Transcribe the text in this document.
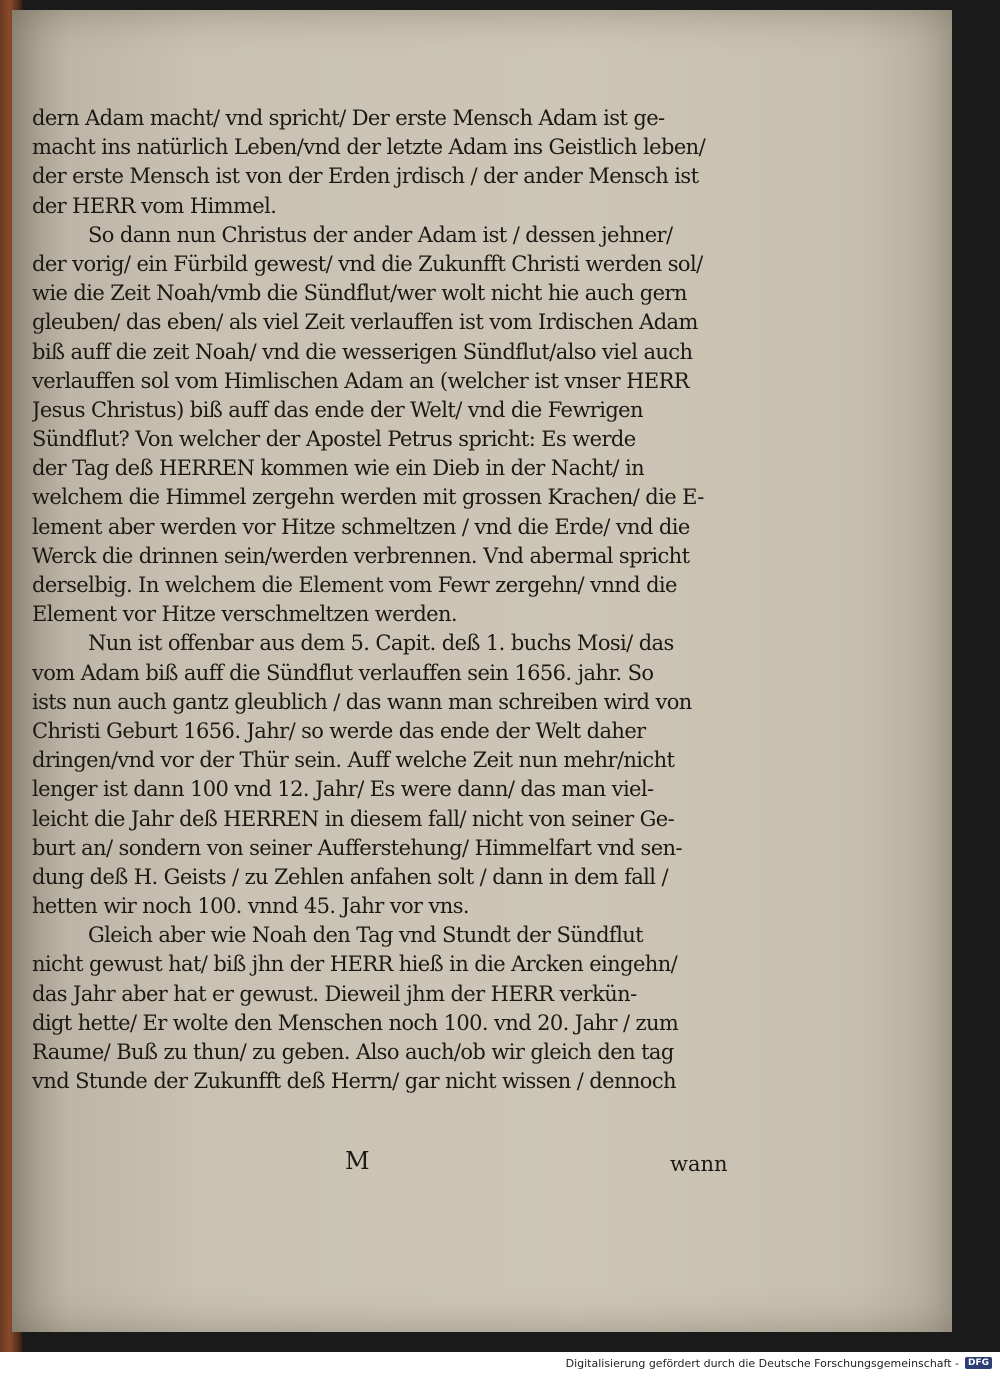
dern Adam macht/ vnd spricht/ Der erste Mensch Adam ist ge-
macht ins natürlich Leben/vnd der letzte Adam ins Geistlich leben/
der erste Mensch ist von der Erden jrdisch / der ander Mensch ist
der HERR vom Himmel.
So dann nun Christus der ander Adam ist / dessen jehner/
der vorig/ ein Fürbild gewest/ vnd die Zukunfft Christi werden sol/
wie die Zeit Noah/vmb die Sündflut/wer wolt nicht hie auch gern
gleuben/ das eben/ als viel Zeit verlauffen ist vom Irdischen Adam
biß auff die zeit Noah/ vnd die wesserigen Sündflut/also viel auch
verlauffen sol vom Himlischen Adam an (welcher ist vnser HERR
Jesus Christus) biß auff das ende der Welt/ vnd die Fewrigen
Sündflut? Von welcher der Apostel Petrus spricht: Es werde
der Tag deß HERREN kommen wie ein Dieb in der Nacht/ in
welchem die Himmel zergehn werden mit grossen Krachen/ die E-
lement aber werden vor Hitze schmeltzen / vnd die Erde/ vnd die
Werck die drinnen sein/werden verbrennen. Vnd abermal spricht
derselbig. In welchem die Element vom Fewr zergehn/ vnnd die
Element vor Hitze verschmeltzen werden.
Nun ist offenbar aus dem 5. Capit. deß 1. buchs Mosi/ das
vom Adam biß auff die Sündflut verlauffen sein 1656. jahr. So
ists nun auch gantz gleublich / das wann man schreiben wird von
Christi Geburt 1656. Jahr/ so werde das ende der Welt daher
dringen/vnd vor der Thür sein. Auff welche Zeit nun mehr/nicht
lenger ist dann 100 vnd 12. Jahr/ Es were dann/ das man viel-
leicht die Jahr deß HERREN in diesem fall/ nicht von seiner Ge-
burt an/ sondern von seiner Aufferstehung/ Himmelfart vnd sen-
dung deß H. Geists / zu Zehlen anfahen solt / dann in dem fall /
hetten wir noch 100. vnnd 45. Jahr vor vns.
Gleich aber wie Noah den Tag vnd Stundt der Sündflut
nicht gewust hat/ biß jhn der HERR hieß in die Arcken eingehn/
das Jahr aber hat er gewust. Dieweil jhm der HERR verkün-
digt hette/ Er wolte den Menschen noch 100. vnd 20. Jahr / zum
Raume/ Buß zu thun/ zu geben. Also auch/ob wir gleich den tag
vnd Stunde der Zukunfft deß Herrn/ gar nicht wissen / dennoch
M	wann
Digitalisierung gefördert durch die Deutsche Forschungsgemeinschaft -	DFG
